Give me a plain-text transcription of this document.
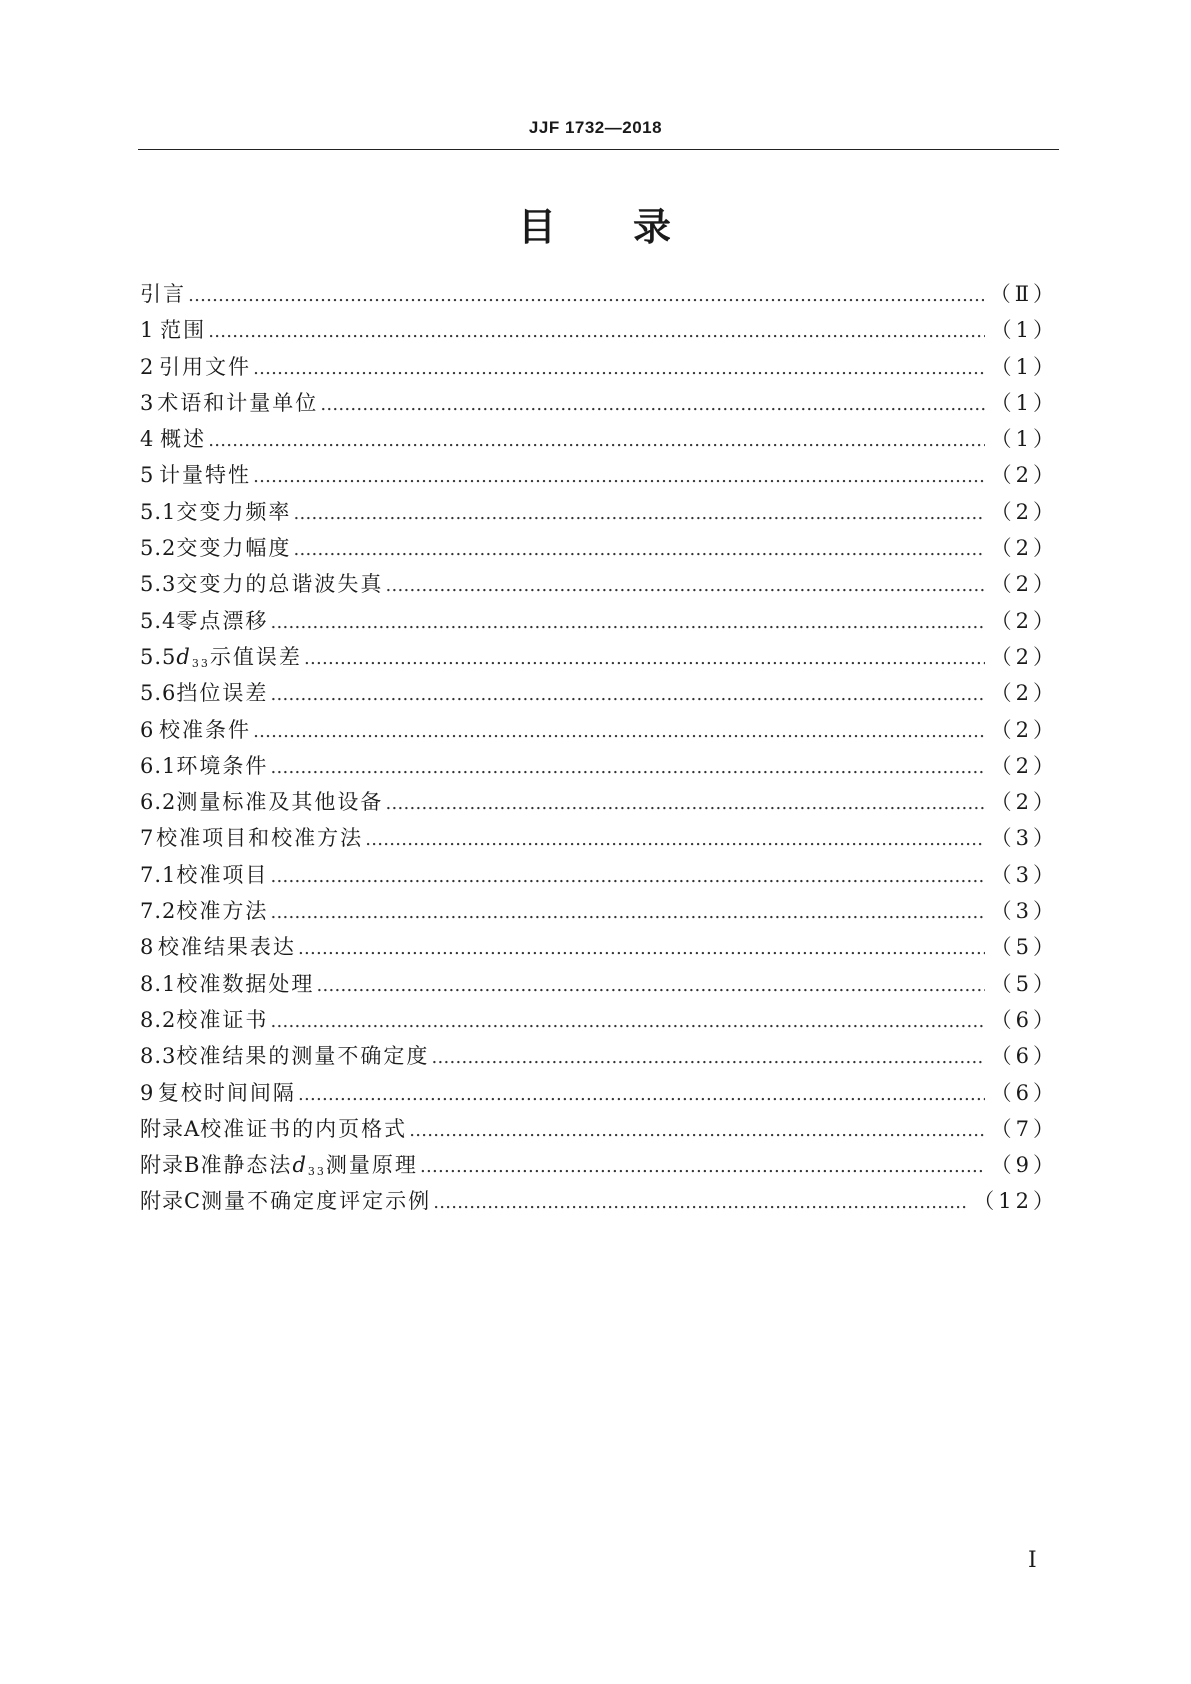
JJF 1732—2018
目 录
引言 ……………………………………………………………………………………………………………………………………………………………………………………………………………	（Ⅱ）
1 范围 ……………………………………………………………………………………………………………………………………………………………………………………………………………	（1）
2 引用文件 ……………………………………………………………………………………………………………………………………………………………………………………………………………	（1）
3 术语和计量单位 ……………………………………………………………………………………………………………………………………………………………………………………………………………	（1）
4 概述 ……………………………………………………………………………………………………………………………………………………………………………………………………………	（1）
5 计量特性 ……………………………………………………………………………………………………………………………………………………………………………………………………………	（2）
5.1 交变力频率 ……………………………………………………………………………………………………………………………………………………………………………………………………………	（2）
5.2 交变力幅度 ……………………………………………………………………………………………………………………………………………………………………………………………………………	（2）
5.3 交变力的总谐波失真 ……………………………………………………………………………………………………………………………………………………………………………………………………………	（2）
5.4 零点漂移 ……………………………………………………………………………………………………………………………………………………………………………………………………………	（2）
5.5 $d_{33}$ 示值误差 ……………………………………………………………………………………………………………………………………………………………………………………………………………	（2）
5.6 挡位误差 ……………………………………………………………………………………………………………………………………………………………………………………………………………	（2）
6 校准条件 ……………………………………………………………………………………………………………………………………………………………………………………………………………	（2）
6.1 环境条件 ……………………………………………………………………………………………………………………………………………………………………………………………………………	（2）
6.2 测量标准及其他设备 ……………………………………………………………………………………………………………………………………………………………………………………………………………	（2）
7 校准项目和校准方法 ……………………………………………………………………………………………………………………………………………………………………………………………………………	（3）
7.1 校准项目 ……………………………………………………………………………………………………………………………………………………………………………………………………………	（3）
7.2 校准方法 ……………………………………………………………………………………………………………………………………………………………………………………………………………	（3）
8 校准结果表达 ……………………………………………………………………………………………………………………………………………………………………………………………………………	（5）
8.1 校准数据处理 ……………………………………………………………………………………………………………………………………………………………………………………………………………	（5）
8.2 校准证书 ……………………………………………………………………………………………………………………………………………………………………………………………………………	（6）
8.3 校准结果的测量不确定度 ……………………………………………………………………………………………………………………………………………………………………………………………………………	（6）
9 复校时间间隔 ……………………………………………………………………………………………………………………………………………………………………………………………………………	（6）
附录A 校准证书的内页格式 ……………………………………………………………………………………………………………………………………………………………………………………………………………	（7）
附录B 准静态法 $d_{33}$ 测量原理 ……………………………………………………………………………………………………………………………………………………………………………………………………………	（9）
附录C 测量不确定度评定示例 ……………………………………………………………………………………………………………………………………………………………………………………………………………	（12）
Ⅰ
